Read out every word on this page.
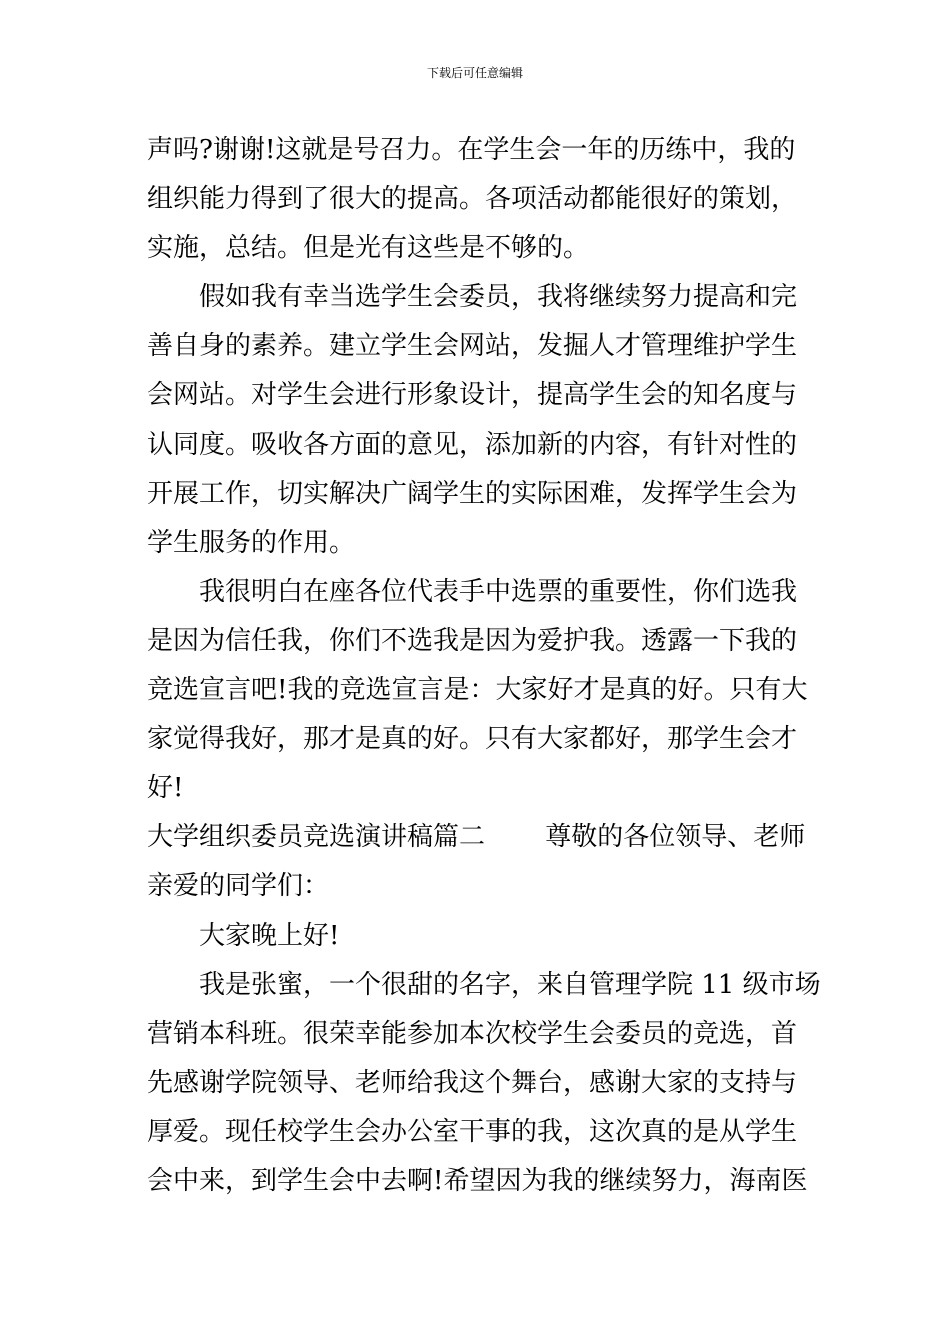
下载后可任意编辑
声吗?谢谢!这就是号召力。在学生会一年的历练中，我的
组织能力得到了很大的提高。各项活动都能很好的策划，
实施，总结。但是光有这些是不够的。
　　假如我有幸当选学生会委员，我将继续努力提高和完
善自身的素养。建立学生会网站，发掘人才管理维护学生
会网站。对学生会进行形象设计，提高学生会的知名度与
认同度。吸收各方面的意见，添加新的内容，有针对性的
开展工作，切实解决广阔学生的实际困难，发挥学生会为
学生服务的作用。
　　我很明白在座各位代表手中选票的重要性，你们选我
是因为信任我，你们不选我是因为爱护我。透露一下我的
竞选宣言吧!我的竞选宣言是：大家好才是真的好。只有大
家觉得我好，那才是真的好。只有大家都好，那学生会才
好!
大学组织委员竞选演讲稿篇二　　 尊敬的各位领导、老师
亲爱的同学们：
　　大家晚上好!
　　我是张蜜，一个很甜的名字，来自管理学院 11 级市场
营销本科班。很荣幸能参加本次校学生会委员的竞选，首
先感谢学院领导、老师给我这个舞台，感谢大家的支持与
厚爱。现任校学生会办公室干事的我，这次真的是从学生
会中来，到学生会中去啊!希望因为我的继续努力，海南医
